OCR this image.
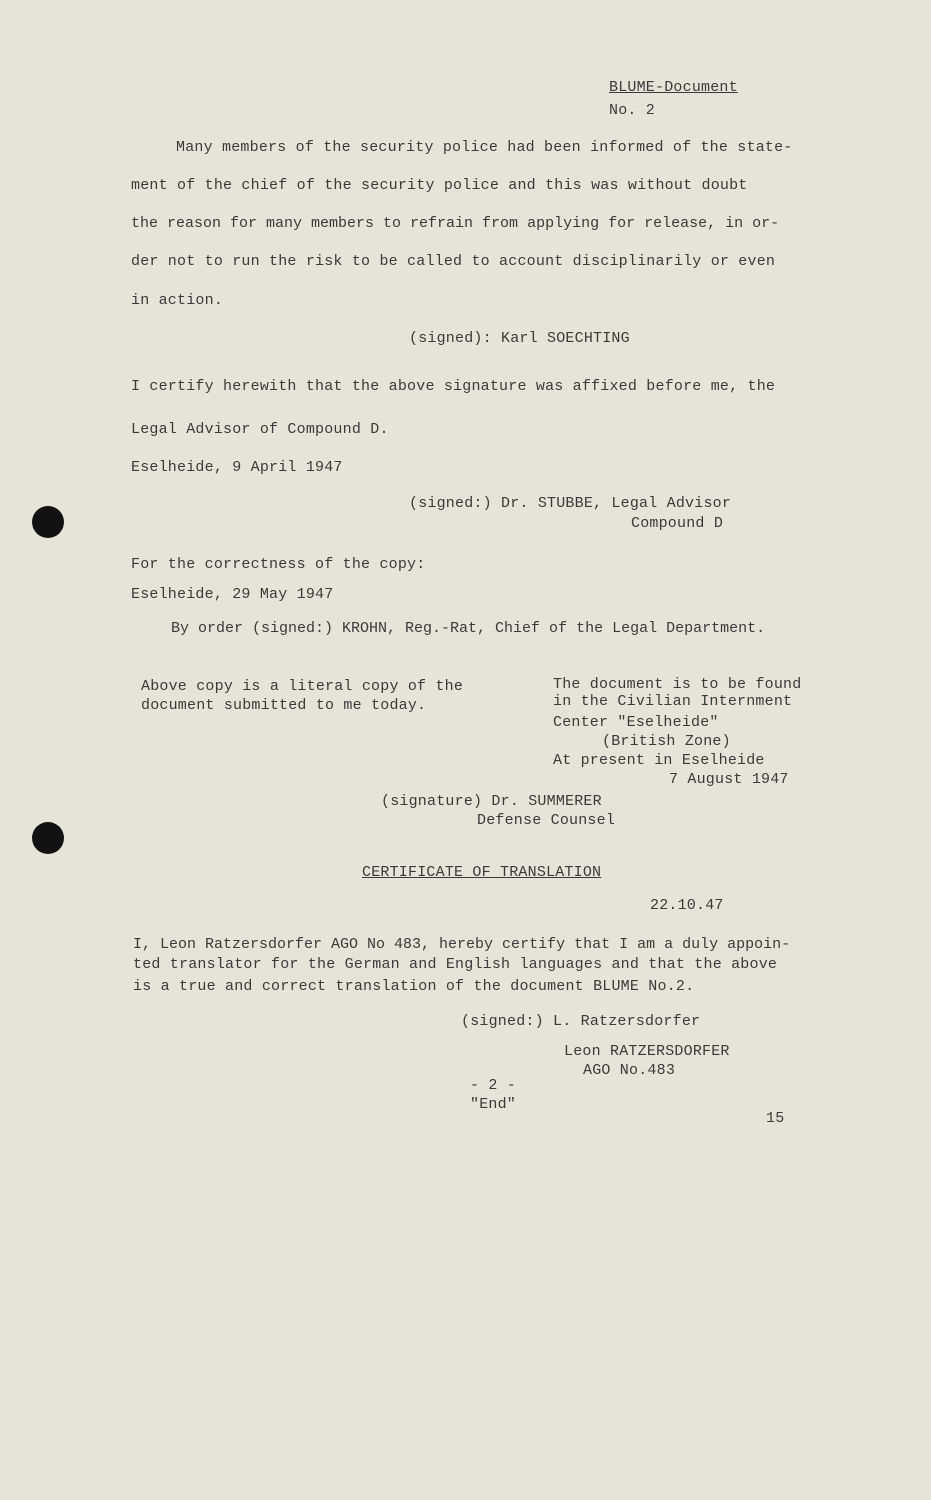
BLUME-Document

No. 2

Many members of the security police had been informed of the state-

ment of the chief of the security police and this was without doubt

the reason for many members to refrain from applying for release, in or-

der not to run the risk to be called to account disciplinarily or even

in action.

(signed): Karl SOECHTING

I certify herewith that the above signature was affixed before me, the

Legal Advisor of Compound D.

Eselheide, 9 April 1947

(signed:) Dr. STUBBE, Legal Advisor

Compound D

For the correctness of the copy:

Eselheide, 29 May 1947

By order (signed:) KROHN, Reg.-Rat, Chief of the Legal Department.

Above copy is a literal copy of the

document submitted to me today.

The document is to be found

in the Civilian Internment

Center "Eselheide"

(British Zone)

At present in Eselheide

7 August 1947

(signature) Dr. SUMMERER

Defense Counsel

CERTIFICATE OF TRANSLATION

22.10.47

I, Leon Ratzersdorfer AGO No 483, hereby certify that I am a duly appoin-

ted translator for the German and English languages and that the above

is a true and correct translation of the document BLUME No.2.

(signed:) L. Ratzersdorfer

Leon RATZERSDORFER

AGO No.483

- 2 -

"End"

15
